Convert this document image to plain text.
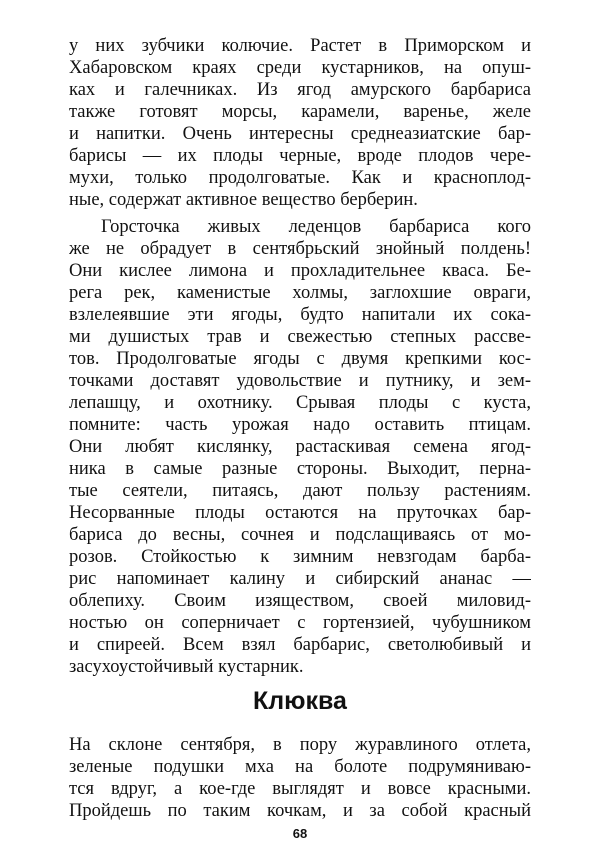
у них зубчики колючие. Растет в Приморском и
Хабаровском краях среди кустарников, на опуш-
ках и галечниках. Из ягод амурского барбариса
также готовят морсы, карамели, варенье, желе
и напитки. Очень интересны среднеазиатские бар-
барисы — их плоды черные, вроде плодов чере-
мухи, только продолговатые. Как и краснoплод-
ные, содержат активное вещество берберин.
Горсточка живых леденцов барбариса кого
же не обрадует в сентябрьский знойный полдень!
Они кислее лимона и прохладительнее кваса. Бе-
рега рек, каменистые холмы, заглохшие овраги,
взлелеявшие эти ягоды, будто напитали их сока-
ми душистых трав и свежестью степных рассве-
тов. Продолговатые ягоды с двумя крепкими кос-
точками доставят удовольствие и путнику, и зем-
лепашцу, и охотнику. Срывая плоды с куста,
помните: часть урожая надо оставить птицам.
Они любят кислянку, растаскивая семена ягод-
ника в самые разные стороны. Выходит, перна-
тые сеятели, питаясь, дают пользу растениям.
Несорванные плоды остаются на прутoчках бар-
бариса до весны, сочнея и подслащиваясь от мо-
розов. Стойкостью к зимним невзгодам барба-
рис напоминает калину и сибирский ананас —
облепиху. Своим изяществом, своей миловид-
ностью он соперничает с гортензией, чубушником
и спиреей. Всем взял барбарис, светолюбивый и
засухоустойчивый кустарник.
Клюква
На склоне сентября, в пору журавлиного отлета,
зеленые подушки мха на болоте подрумяниваю-
тся вдруг, а кое-где выглядят и вовсе красными.
Пройдешь по таким кочкам, и за собой красный
68
